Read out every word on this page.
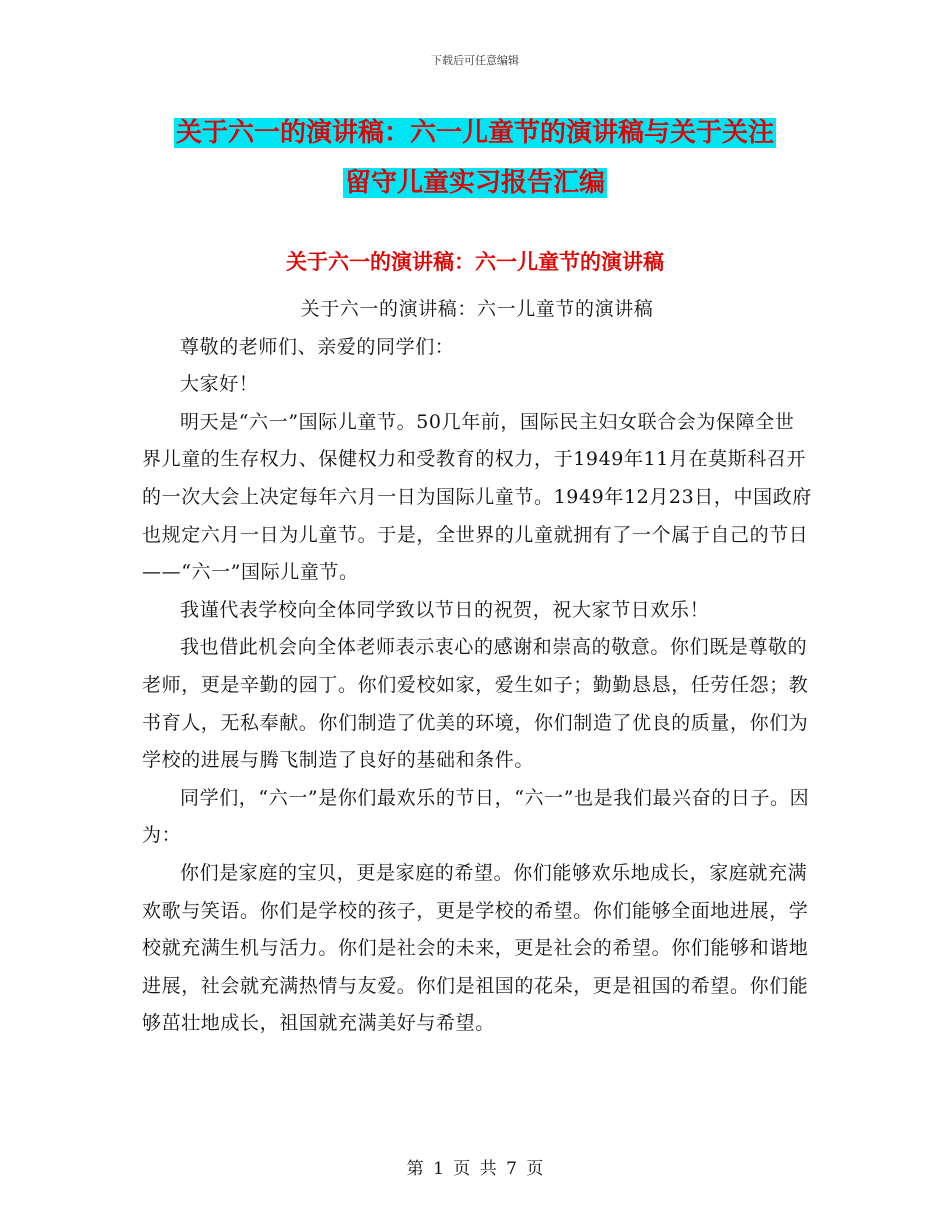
下载后可任意编辑
关于六一的演讲稿：六一儿童节的演讲稿与关于关注
留守儿童实习报告汇编
关于六一的演讲稿：六一儿童节的演讲稿

关于六一的演讲稿：六一儿童节的演讲稿

尊敬的老师们、亲爱的同学们：

大家好！

明天是“六一”国际儿童节。50几年前，国际民主妇女联合会为保障全世界儿童的生存权力、保健权力和受教育的权力，于1949年11月在莫斯科召开的一次大会上决定每年六月一日为国际儿童节。1949年12月23日，中国政府也规定六月一日为儿童节。于是，全世界的儿童就拥有了一个属于自己的节日——“六一”国际儿童节。

我谨代表学校向全体同学致以节日的祝贺，祝大家节日欢乐！

我也借此机会向全体老师表示衷心的感谢和崇高的敬意。你们既是尊敬的老师，更是辛勤的园丁。你们爱校如家，爱生如子；勤勤恳恳，任劳任怨；教书育人，无私奉献。你们制造了优美的环境，你们制造了优良的质量，你们为学校的进展与腾飞制造了良好的基础和条件。

同学们，“六一”是你们最欢乐的节日，“六一”也是我们最兴奋的日子。因为：

你们是家庭的宝贝，更是家庭的希望。你们能够欢乐地成长，家庭就充满欢歌与笑语。你们是学校的孩子，更是学校的希望。你们能够全面地进展，学校就充满生机与活力。你们是社会的未来，更是社会的希望。你们能够和谐地进展，社会就充满热情与友爱。你们是祖国的花朵，更是祖国的希望。你们能够茁壮地成长，祖国就充满美好与希望。

第 1 页 共 7 页
